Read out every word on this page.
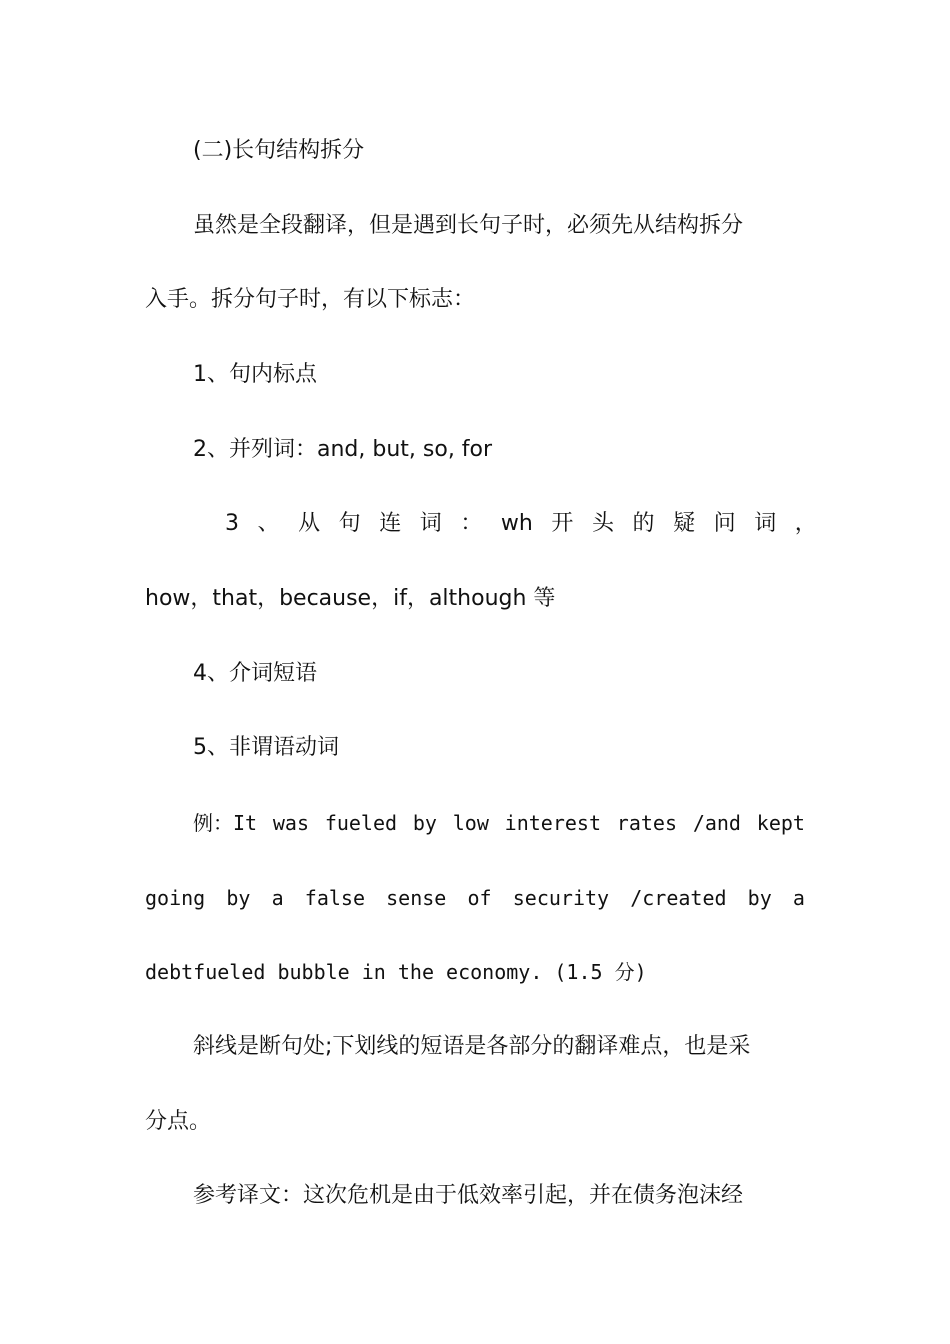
(二)长句结构拆分
虽然是全段翻译，但是遇到长句子时，必须先从结构拆分
入手。拆分句子时，有以下标志：
1、句内标点
2、并列词：and, but, so, for
3 、 从 句 连 词 ： wh 开 头 的 疑 问 词 ，
how，that，because，if，although 等
4、介词短语
5、非谓语动词
例：It was fueled by low interest rates /and kept
going by a false sense of security /created by a
debtfueled bubble in the economy. (1.5 分)
斜线是断句处;下划线的短语是各部分的翻译难点，也是采
分点。
参考译文：这次危机是由于低效率引起，并在债务泡沫经
